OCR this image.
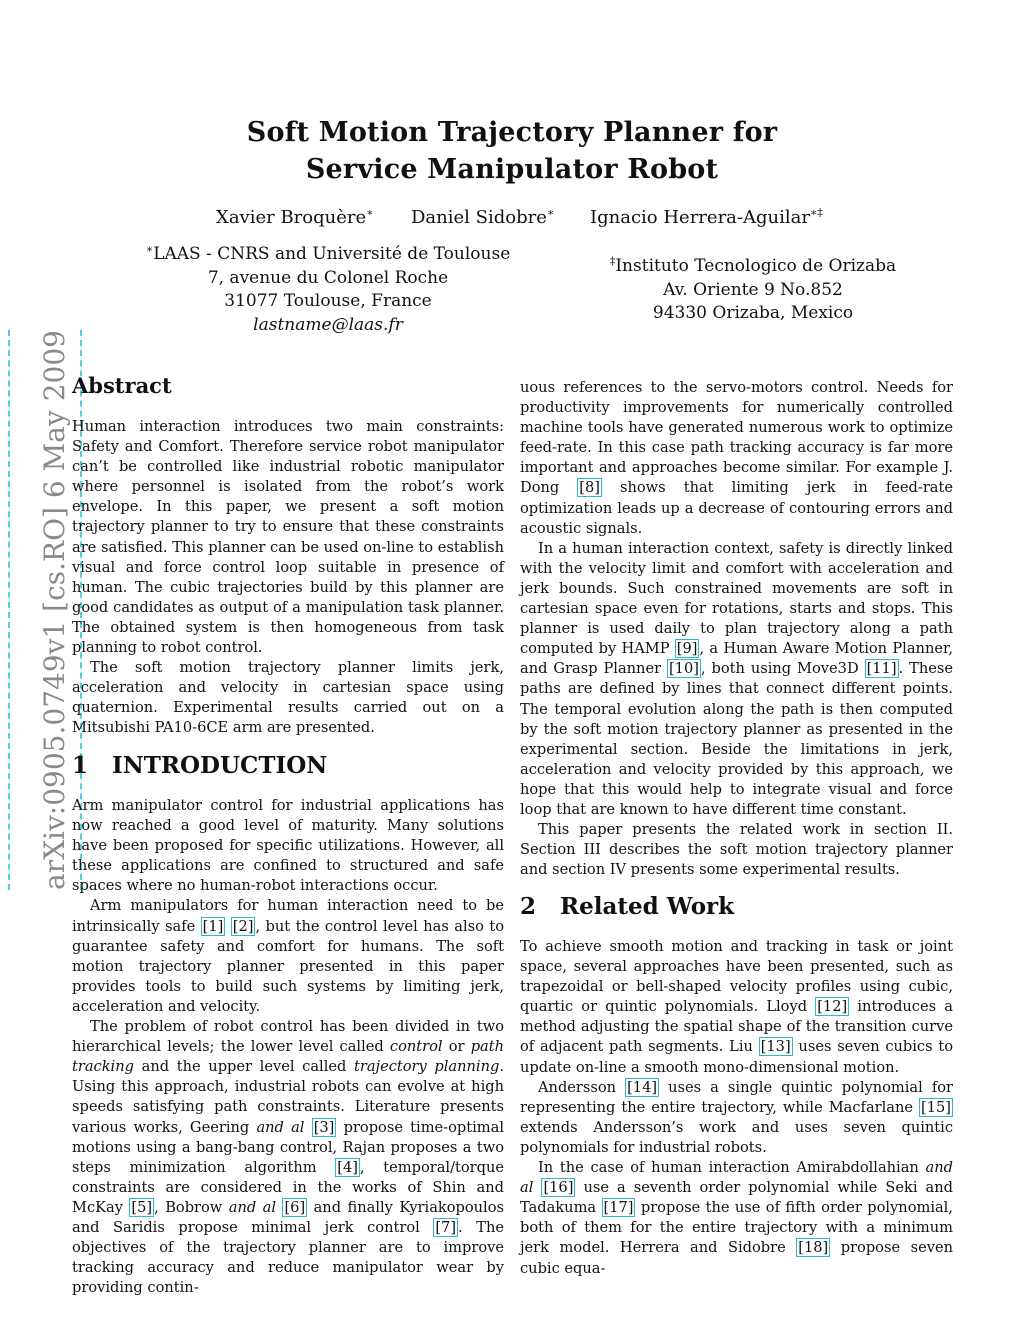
arXiv:0905.0749v1 [cs.RO] 6 May 2009
Soft Motion Trajectory Planner for
Service Manipulator Robot
Xavier Broquère∗ Daniel Sidobre∗ Ignacio Herrera-Aguilar∗‡
∗LAAS - CNRS and Université de Toulouse
7, avenue du Colonel Roche
31077 Toulouse, France
lastname@laas.fr
‡Instituto Tecnologico de Orizaba
Av. Oriente 9 No.852
94330 Orizaba, Mexico
Abstract

Human interaction introduces two main constraints: Safety and Comfort. Therefore service robot manipulator can’t be controlled like industrial robotic manipulator where personnel is isolated from the robot’s work envelope. In this paper, we present a soft motion trajectory planner to try to ensure that these constraints are satisfied. This planner can be used on-line to establish visual and force control loop suitable in presence of human. The cubic trajectories build by this planner are good candidates as output of a manipulation task planner. The obtained system is then homogeneous from task planning to robot control.

The soft motion trajectory planner limits jerk, acceleration and velocity in cartesian space using quaternion. Experimental results carried out on a Mitsubishi PA10-6CE arm are presented.

1 INTRODUCTION

Arm manipulator control for industrial applications has now reached a good level of maturity. Many solutions have been proposed for specific utilizations. However, all these applications are confined to structured and safe spaces where no human-robot interactions occur.

Arm manipulators for human interaction need to be intrinsically safe [1] [2] , but the control level has also to guarantee safety and comfort for humans. The soft motion trajectory planner presented in this paper provides tools to build such systems by limiting jerk, acceleration and velocity.

The problem of robot control has been divided in two hierarchical levels; the lower level called control or path tracking and the upper level called trajectory planning. Using this approach, industrial robots can evolve at high speeds satisfying path constraints. Literature presents various works, Geering and al [3] propose time-optimal motions using a bang-bang control, Rajan proposes a two steps minimization algorithm [4] , temporal/torque constraints are considered in the works of Shin and McKay [5] , Bobrow and al [6] and finally Kyriakopoulos and Saridis propose minimal jerk control [7] . The objectives of the trajectory planner are to improve tracking accuracy and reduce manipulator wear by providing contin-

uous references to the servo-motors control. Needs for productivity improvements for numerically controlled machine tools have generated numerous work to optimize feed-rate. In this case path tracking accuracy is far more important and approaches become similar. For example J. Dong [8] shows that limiting jerk in feed-rate optimization leads up a decrease of contouring errors and acoustic signals.

In a human interaction context, safety is directly linked with the velocity limit and comfort with acceleration and jerk bounds. Such constrained movements are soft in cartesian space even for rotations, starts and stops. This planner is used daily to plan trajectory along a path computed by HAMP [9] , a Human Aware Motion Planner, and Grasp Planner [10] , both using Move3D [11] . These paths are defined by lines that connect different points. The temporal evolution along the path is then computed by the soft motion trajectory planner as presented in the experimental section. Beside the limitations in jerk, acceleration and velocity provided by this approach, we hope that this would help to integrate visual and force loop that are known to have different time constant.

This paper presents the related work in section II. Section III describes the soft motion trajectory planner and section IV presents some experimental results.

2 Related Work

To achieve smooth motion and tracking in task or joint space, several approaches have been presented, such as trapezoidal or bell-shaped velocity profiles using cubic, quartic or quintic polynomials. Lloyd [12] introduces a method adjusting the spatial shape of the transition curve of adjacent path segments. Liu [13] uses seven cubics to update on-line a smooth mono-dimensional motion.

Andersson [14] uses a single quintic polynomial for representing the entire trajectory, while Macfarlane [15] extends Andersson’s work and uses seven quintic polynomials for industrial robots.

In the case of human interaction Amirabdollahian and al [16] use a seventh order polynomial while Seki and Tadakuma [17] propose the use of fifth order polynomial, both of them for the entire trajectory with a minimum jerk model. Herrera and Sidobre [18] propose seven cubic equa-
